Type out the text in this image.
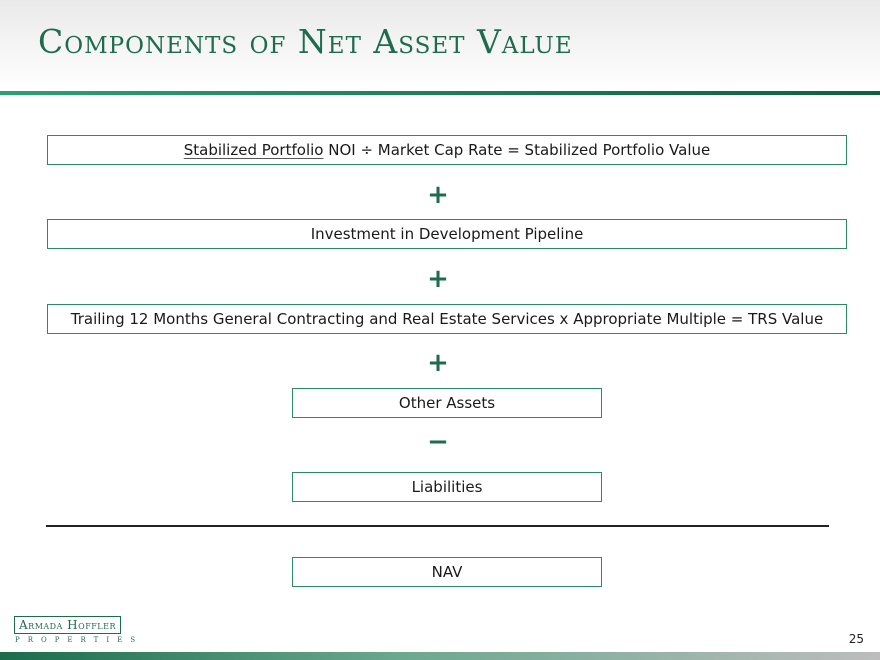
Components of Net Asset Value
Stabilized Portfolio NOI ÷ Market Cap Rate = Stabilized Portfolio Value
+
Investment in Development Pipeline
+
Trailing 12 Months General Contracting and Real Estate Services x Appropriate Multiple = TRS Value
+
Other Assets
−
Liabilities
NAV
Armada Hoffler
PROPERTIES	25
